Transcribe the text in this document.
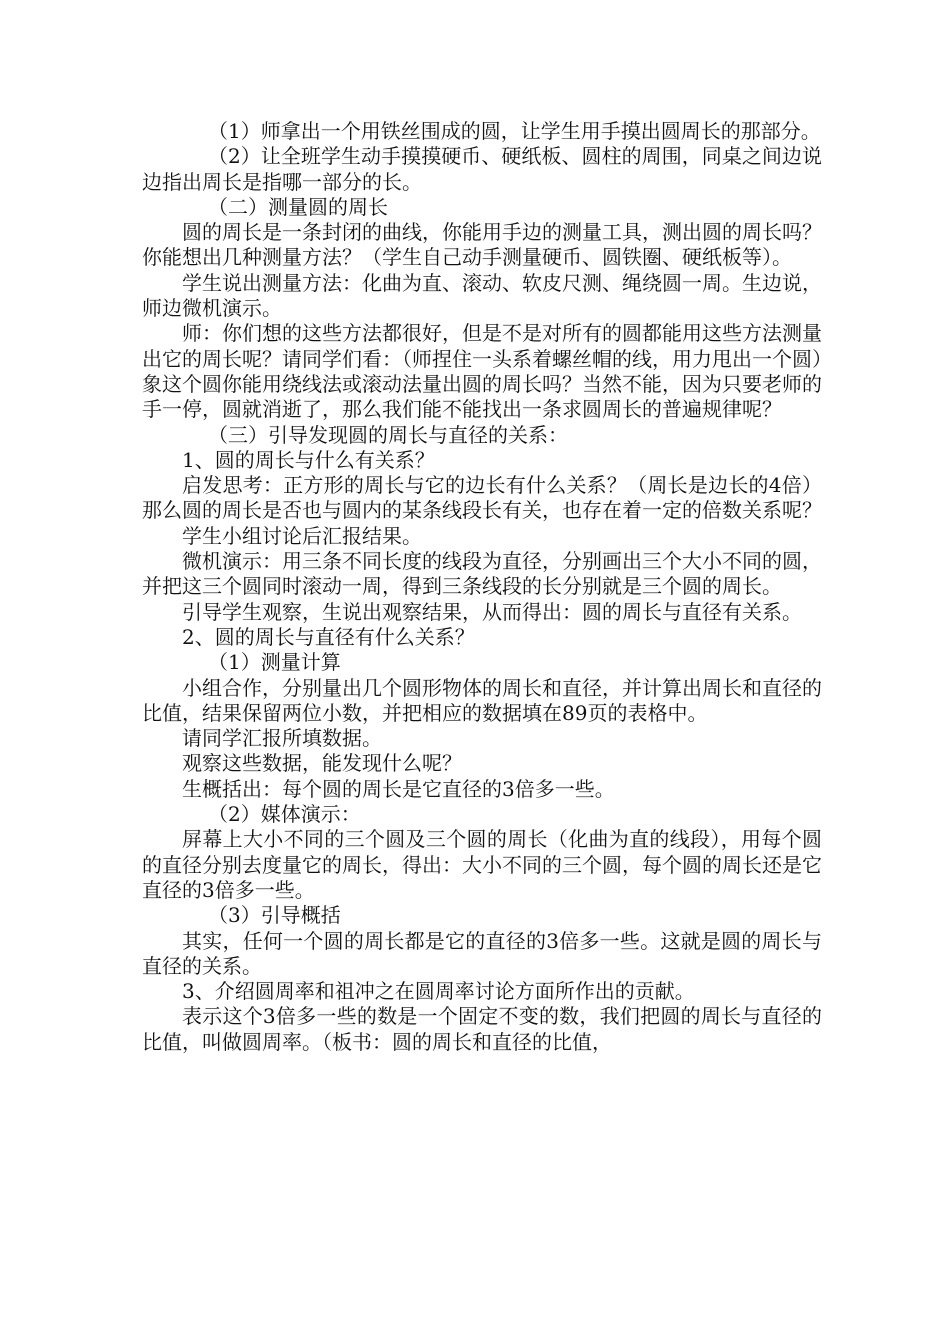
（1）师拿出一个用铁丝围成的圆，让学生用手摸出圆周长的那部分。

（2）让全班学生动手摸摸硬币、硬纸板、圆柱的周围，同桌之间边说边指出周长是指哪一部分的长。

（二）测量圆的周长

圆的周长是一条封闭的曲线，你能用手边的测量工具，测出圆的周长吗？你能想出几种测量方法？（学生自己动手测量硬币、圆铁圈、硬纸板等）。

学生说出测量方法：化曲为直、滚动、软皮尺测、绳绕圆一周。生边说，师边微机演示。

师：你们想的这些方法都很好，但是不是对所有的圆都能用这些方法测量出它的周长呢？请同学们看：（师捏住一头系着螺丝帽的线，用力甩出一个圆）象这个圆你能用绕线法或滚动法量出圆的周长吗？当然不能，因为只要老师的手一停，圆就消逝了，那么我们能不能找出一条求圆周长的普遍规律呢？

（三）引导发现圆的周长与直径的关系：

1、圆的周长与什么有关系？

启发思考：正方形的周长与它的边长有什么关系？（周长是边长的4倍）那么圆的周长是否也与圆内的某条线段长有关，也存在着一定的倍数关系呢？

学生小组讨论后汇报结果。

微机演示：用三条不同长度的线段为直径，分别画出三个大小不同的圆，并把这三个圆同时滚动一周，得到三条线段的长分别就是三个圆的周长。

引导学生观察，生说出观察结果，从而得出：圆的周长与直径有关系。

2、圆的周长与直径有什么关系？

（1）测量计算

小组合作，分别量出几个圆形物体的周长和直径，并计算出周长和直径的比值，结果保留两位小数，并把相应的数据填在89页的表格中。

请同学汇报所填数据。

观察这些数据，能发现什么呢？

生概括出：每个圆的周长是它直径的3倍多一些。

（2）媒体演示：

屏幕上大小不同的三个圆及三个圆的周长（化曲为直的线段），用每个圆的直径分别去度量它的周长，得出：大小不同的三个圆，每个圆的周长还是它直径的3倍多一些。

（3）引导概括

其实，任何一个圆的周长都是它的直径的3倍多一些。这就是圆的周长与直径的关系。

3、介绍圆周率和祖冲之在圆周率讨论方面所作出的贡献。

表示这个3倍多一些的数是一个固定不变的数，我们把圆的周长与直径的比值，叫做圆周率。（板书：圆的周长和直径的比值，
